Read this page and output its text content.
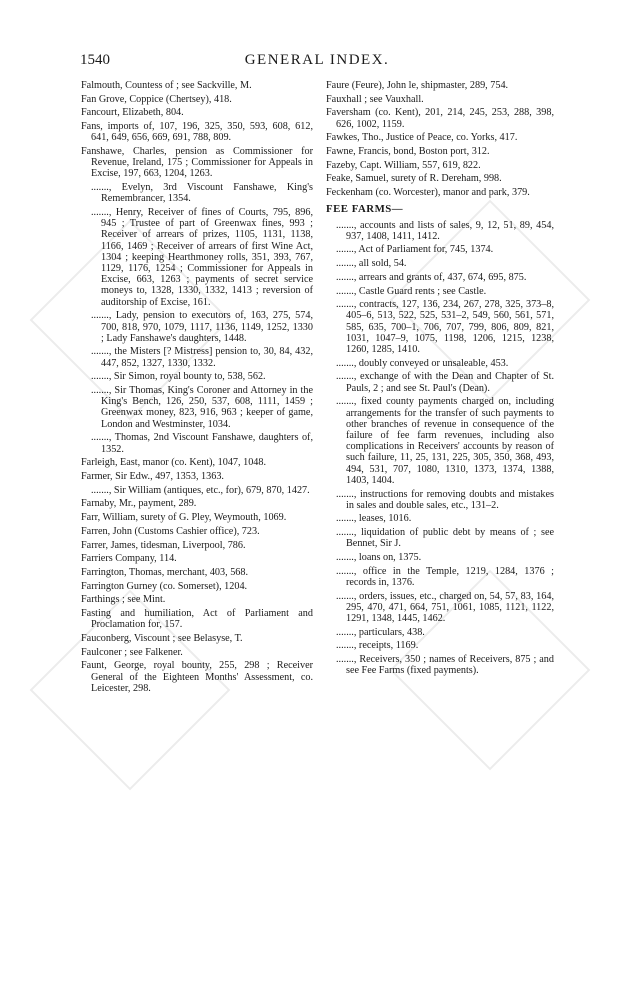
1540	GENERAL INDEX.
Falmouth, Countess of ; see Sackville, M.
Fan Grove, Coppice (Chertsey), 418.
Fancourt, Elizabeth, 804.
Fans, imports of, 107, 196, 325, 350, 593, 608, 612, 641, 649, 656, 669, 691, 788, 809.
Fanshawe, Charles, pension as Commissioner for Revenue, Ireland, 175 ; Commissioner for Appeals in Excise, 197, 663, 1204, 1263.
......., Evelyn, 3rd Viscount Fanshawe, King's Remembrancer, 1354.
......., Henry, Receiver of fines of Courts, 795, 896, 945 ; Trustee of part of Greenwax fines, 993 ; Receiver of arrears of prizes, 1105, 1131, 1138, 1166, 1469 ; Receiver of arrears of first Wine Act, 1304 ; keeping Hearthmoney rolls, 351, 393, 767, 1129, 1176, 1254 ; Commissioner for Appeals in Excise, 663, 1263 ; payments of secret service moneys to, 1328, 1330, 1332, 1413 ; reversion of auditorship of Excise, 161.
......., Lady, pension to executors of, 163, 275, 574, 700, 818, 970, 1079, 1117, 1136, 1149, 1252, 1330 ; Lady Fanshawe's daughters, 1448.
......., the Misters [? Mistress] pension to, 30, 84, 432, 447, 852, 1327, 1330, 1332.
......., Sir Simon, royal bounty to, 538, 562.
......., Sir Thomas, King's Coroner and Attorney in the King's Bench, 126, 250, 537, 608, 1111, 1459 ; Greenwax money, 823, 916, 963 ; keeper of game, London and Westminster, 1034.
......., Thomas, 2nd Viscount Fanshawe, daughters of, 1352.
Farleigh, East, manor (co. Kent), 1047, 1048.
Farmer, Sir Edw., 497, 1353, 1363.
......., Sir William (antiques, etc., for), 679, 870, 1427.
Farnaby, Mr., payment, 289.
Farr, William, surety of G. Pley, Weymouth, 1069.
Farren, John (Customs Cashier office), 723.
Farrer, James, tidesman, Liverpool, 786.
Farriers Company, 114.
Farrington, Thomas, merchant, 403, 568.
Farrington Gurney (co. Somerset), 1204.
Farthings ; see Mint.
Fasting and humiliation, Act of Parliament and Proclamation for, 157.
Fauconberg, Viscount ; see Belasyse, T.
Faulconer ; see Falkener.
Faunt, George, royal bounty, 255, 298 ; Receiver General of the Eighteen Months' Assessment, co. Leicester, 298.
Faure (Feure), John le, shipmaster, 289, 754.
Fauxhall ; see Vauxhall.
Faversham (co. Kent), 201, 214, 245, 253, 288, 398, 626, 1002, 1159.
Fawkes, Tho., Justice of Peace, co. Yorks, 417.
Fawne, Francis, bond, Boston port, 312.
Fazeby, Capt. William, 557, 619, 822.
Feake, Samuel, surety of R. Dereham, 998.
Feckenham (co. Worcester), manor and park, 379.
FEE FARMS—
......., accounts and lists of sales, 9, 12, 51, 89, 454, 937, 1408, 1411, 1412.
......., Act of Parliament for, 745, 1374.
......., all sold, 54.
......., arrears and grants of, 437, 674, 695, 875.
......., Castle Guard rents ; see Castle.
......., contracts, 127, 136, 234, 267, 278, 325, 373–8, 405–6, 513, 522, 525, 531–2, 549, 560, 561, 571, 585, 635, 700–1, 706, 707, 799, 806, 809, 821, 1031, 1047–9, 1075, 1198, 1206, 1215, 1238, 1260, 1285, 1410.
......., doubly conveyed or unsaleable, 453.
......., exchange of with the Dean and Chapter of St. Pauls, 2 ; and see St. Paul's (Dean).
......., fixed county payments charged on, including arrangements for the transfer of such payments to other branches of revenue in consequence of the failure of fee farm revenues, including also complications in Receivers' accounts by reason of such failure, 11, 25, 131, 225, 305, 350, 368, 493, 494, 531, 707, 1080, 1310, 1373, 1374, 1388, 1403, 1404.
......., instructions for removing doubts and mistakes in sales and double sales, etc., 131–2.
......., leases, 1016.
......., liquidation of public debt by means of ; see Bennet, Sir J.
......., loans on, 1375.
......., office in the Temple, 1219, 1284, 1376 ; records in, 1376.
......., orders, issues, etc., charged on, 54, 57, 83, 164, 295, 470, 471, 664, 751, 1061, 1085, 1121, 1122, 1291, 1348, 1445, 1462.
......., particulars, 438.
......., receipts, 1169.
......., Receivers, 350 ; names of Receivers, 875 ; and see Fee Farms (fixed payments).
